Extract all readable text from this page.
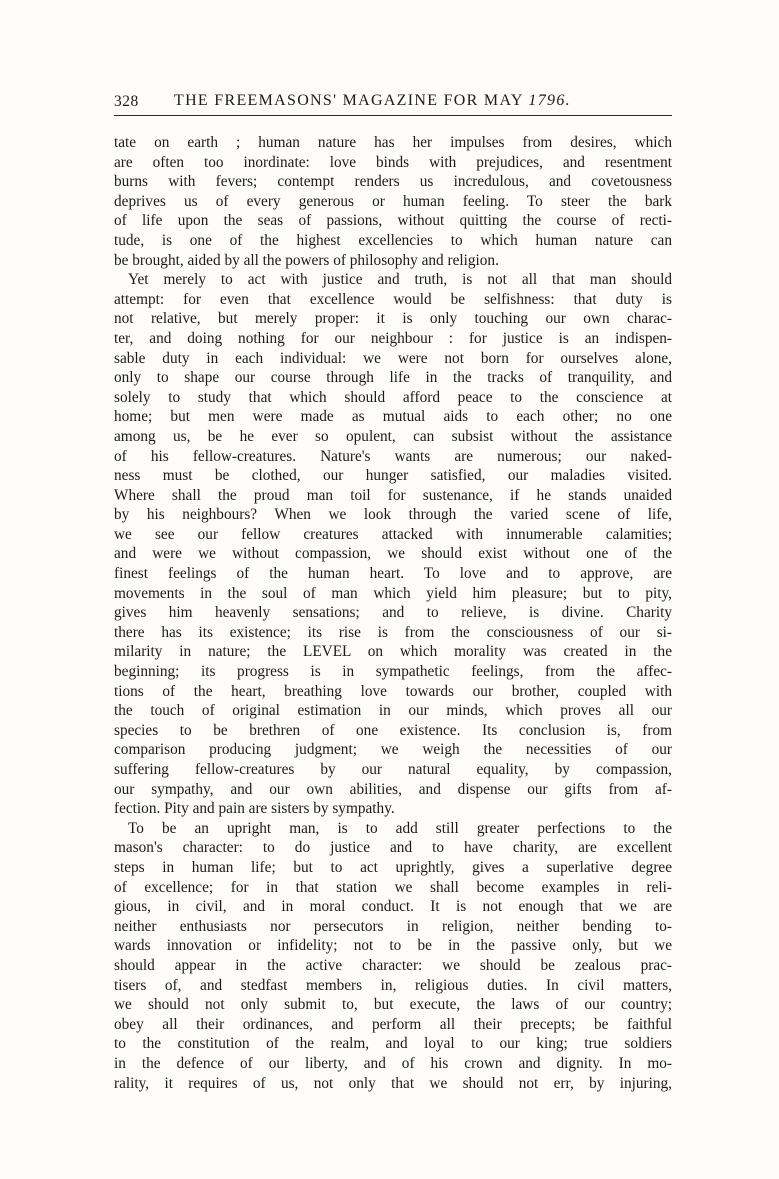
328 THE FREEMASONS' MAGAZINE FOR MAY 1796.
tate on earth ; human nature has her impulses from desires, which
are often too inordinate: love binds with prejudices, and resentment
burns with fevers; contempt renders us incredulous, and covetousness
deprives us of every generous or human feeling. To steer the bark
of life upon the seas of passions, without quitting the course of recti-
tude, is one of the highest excellencies to which human nature can
be brought, aided by all the powers of philosophy and religion.
Yet merely to act with justice and truth, is not all that man should
attempt: for even that excellence would be selfishness: that duty is
not relative, but merely proper: it is only touching our own charac-
ter, and doing nothing for our neighbour : for justice is an indispen-
sable duty in each individual: we were not born for ourselves alone,
only to shape our course through life in the tracks of tranquility, and
solely to study that which should afford peace to the conscience at
home; but men were made as mutual aids to each other; no one
among us, be he ever so opulent, can subsist without the assistance
of his fellow-creatures. Nature's wants are numerous; our naked-
ness must be clothed, our hunger satisfied, our maladies visited.
Where shall the proud man toil for sustenance, if he stands unaided
by his neighbours? When we look through the varied scene of life,
we see our fellow creatures attacked with innumerable calamities;
and were we without compassion, we should exist without one of the
finest feelings of the human heart. To love and to approve, are
movements in the soul of man which yield him pleasure; but to pity,
gives him heavenly sensations; and to relieve, is divine. Charity
there has its existence; its rise is from the consciousness of our si-
milarity in nature; the LEVEL on which morality was created in the
beginning; its progress is in sympathetic feelings, from the affec-
tions of the heart, breathing love towards our brother, coupled with
the touch of original estimation in our minds, which proves all our
species to be brethren of one existence. Its conclusion is, from
comparison producing judgment; we weigh the necessities of our
suffering fellow-creatures by our natural equality, by compassion,
our sympathy, and our own abilities, and dispense our gifts from af-
fection. Pity and pain are sisters by sympathy.
To be an upright man, is to add still greater perfections to the
mason's character: to do justice and to have charity, are excellent
steps in human life; but to act uprightly, gives a superlative degree
of excellence; for in that station we shall become examples in reli-
gious, in civil, and in moral conduct. It is not enough that we are
neither enthusiasts nor persecutors in religion, neither bending to-
wards innovation or infidelity; not to be in the passive only, but we
should appear in the active character: we should be zealous prac-
tisers of, and stedfast members in, religious duties. In civil matters,
we should not only submit to, but execute, the laws of our country;
obey all their ordinances, and perform all their precepts; be faithful
to the constitution of the realm, and loyal to our king; true soldiers
in the defence of our liberty, and of his crown and dignity. In mo-
rality, it requires of us, not only that we should not err, by injuring,
